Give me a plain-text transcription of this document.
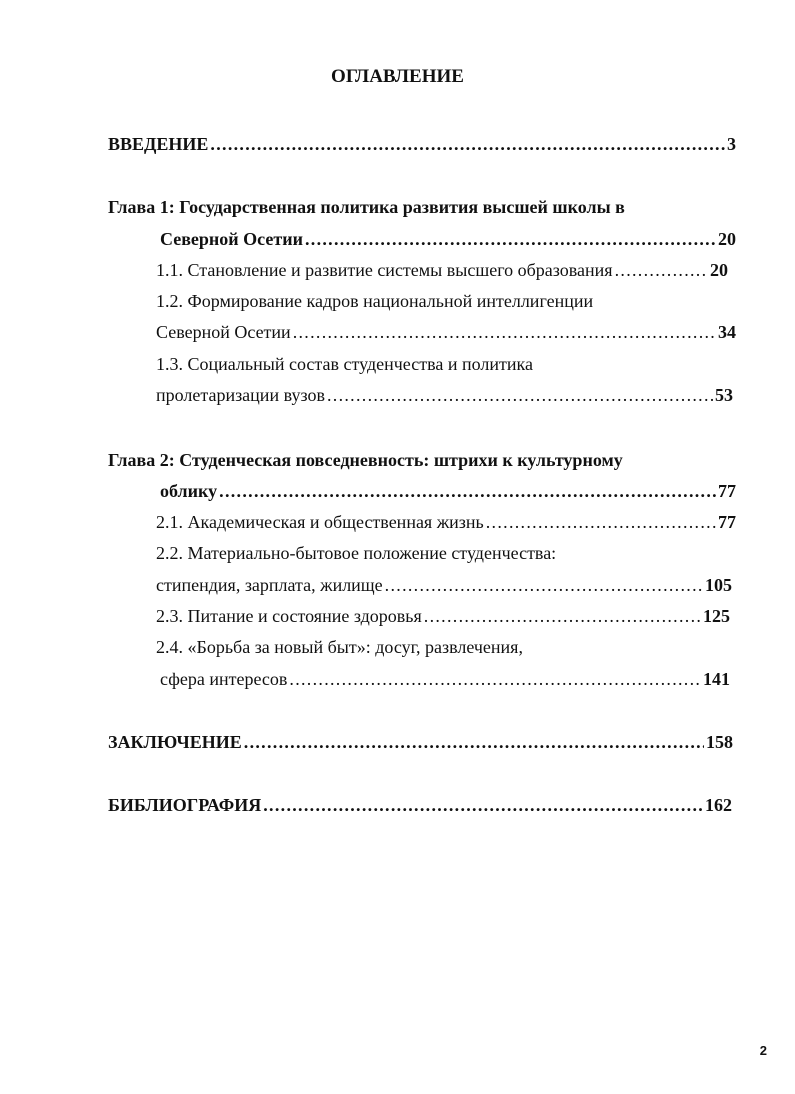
ОГЛАВЛЕНИЕ
ВВЕДЕНИЕ . . .	3
Глава 1: Государственная политика развития высшей школы в
Северной Осетии . . .	20
1.1. Становление и развитие системы высшего образования . . .	20
1.2. Формирование кадров национальной интеллигенции
Северной Осетии . . .	34
1.3. Социальный состав студенчества и политика
пролетаризации вузов . . .	53
Глава 2: Студенческая повседневность: штрихи к культурному
облику . . .	77
2.1. Академическая и общественная жизнь . . .	77
2.2. Материально-бытовое положение студенчества:
стипендия, зарплата, жилище . . .	105
2.3. Питание и состояние здоровья . . .	125
2.4. «Борьба за новый быт»: досуг, развлечения,
сфера интересов . . .	141
ЗАКЛЮЧЕНИЕ . . .	158
БИБЛИОГРАФИЯ . . .	162
2
